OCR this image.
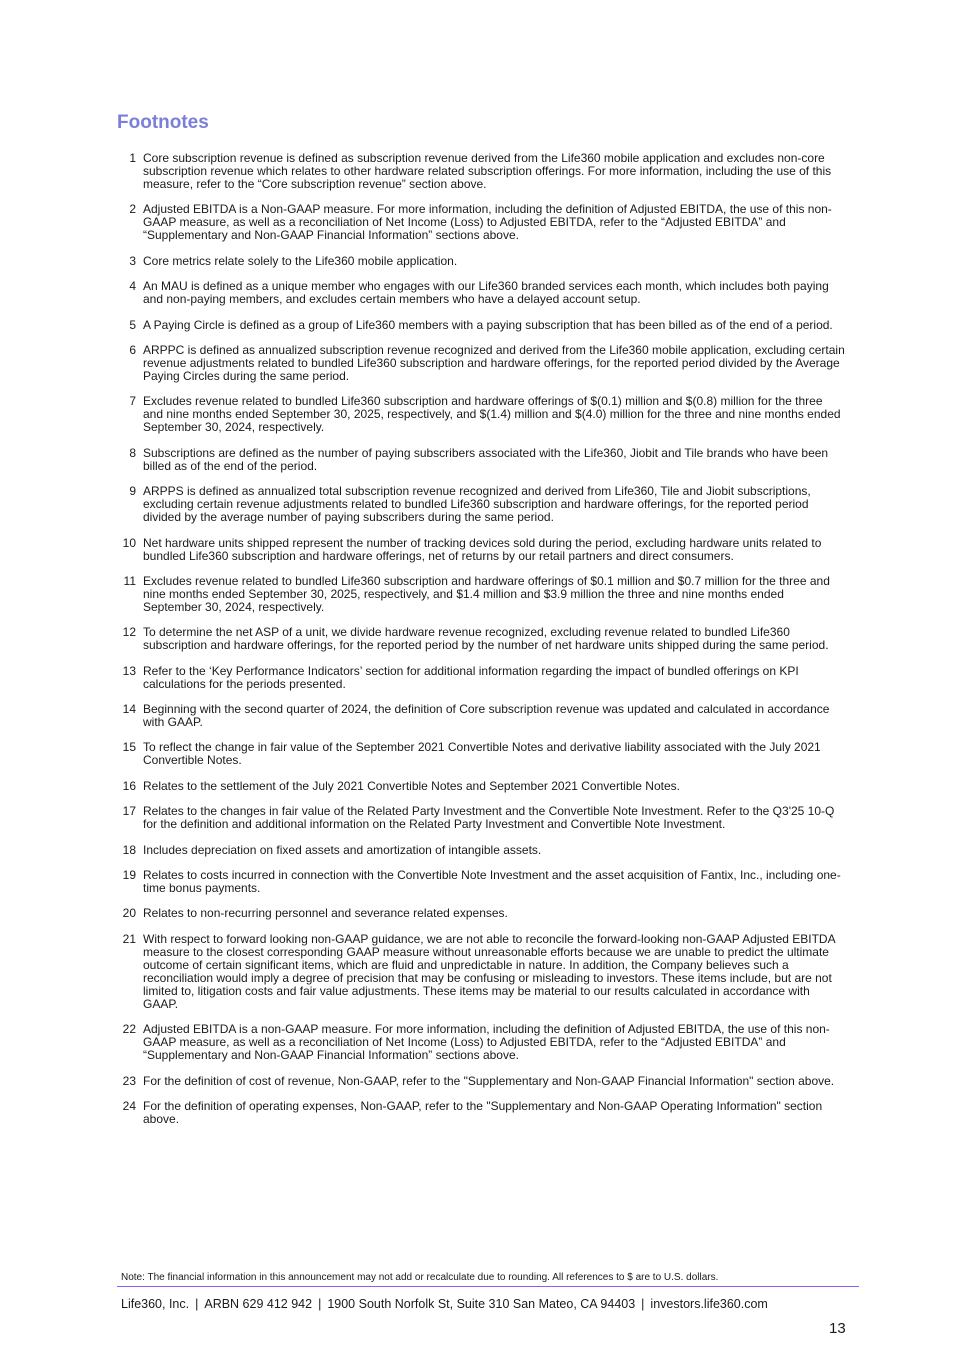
Footnotes
1 Core subscription revenue is defined as subscription revenue derived from the Life360 mobile application and excludes non-core subscription revenue which relates to other hardware related subscription offerings. For more information, including the use of this measure, refer to the “Core subscription revenue” section above.
2 Adjusted EBITDA is a Non-GAAP measure. For more information, including the definition of Adjusted EBITDA, the use of this non-GAAP measure, as well as a reconciliation of Net Income (Loss) to Adjusted EBITDA, refer to the “Adjusted EBITDA” and “Supplementary and Non-GAAP Financial Information” sections above.
3 Core metrics relate solely to the Life360 mobile application.
4 An MAU is defined as a unique member who engages with our Life360 branded services each month, which includes both paying and non-paying members, and excludes certain members who have a delayed account setup.
5 A Paying Circle is defined as a group of Life360 members with a paying subscription that has been billed as of the end of a period.
6 ARPPC is defined as annualized subscription revenue recognized and derived from the Life360 mobile application, excluding certain revenue adjustments related to bundled Life360 subscription and hardware offerings, for the reported period divided by the Average Paying Circles during the same period.
7 Excludes revenue related to bundled Life360 subscription and hardware offerings of $(0.1) million and $(0.8) million for the three and nine months ended September 30, 2025, respectively, and $(1.4) million and $(4.0) million for the three and nine months ended September 30, 2024, respectively.
8 Subscriptions are defined as the number of paying subscribers associated with the Life360, Jiobit and Tile brands who have been billed as of the end of the period.
9 ARPPS is defined as annualized total subscription revenue recognized and derived from Life360, Tile and Jiobit subscriptions, excluding certain revenue adjustments related to bundled Life360 subscription and hardware offerings, for the reported period divided by the average number of paying subscribers during the same period.
10 Net hardware units shipped represent the number of tracking devices sold during the period, excluding hardware units related to bundled Life360 subscription and hardware offerings, net of returns by our retail partners and direct consumers.
11 Excludes revenue related to bundled Life360 subscription and hardware offerings of $0.1 million and $0.7 million for the three and nine months ended September 30, 2025, respectively, and $1.4 million and $3.9 million the three and nine months ended September 30, 2024, respectively.
12 To determine the net ASP of a unit, we divide hardware revenue recognized, excluding revenue related to bundled Life360 subscription and hardware offerings, for the reported period by the number of net hardware units shipped during the same period.
13 Refer to the ‘Key Performance Indicators’ section for additional information regarding the impact of bundled offerings on KPI calculations for the periods presented.
14 Beginning with the second quarter of 2024, the definition of Core subscription revenue was updated and calculated in accordance with GAAP.
15 To reflect the change in fair value of the September 2021 Convertible Notes and derivative liability associated with the July 2021 Convertible Notes.
16 Relates to the settlement of the July 2021 Convertible Notes and September 2021 Convertible Notes.
17 Relates to the changes in fair value of the Related Party Investment and the Convertible Note Investment. Refer to the Q3'25 10-Q for the definition and additional information on the Related Party Investment and Convertible Note Investment.
18 Includes depreciation on fixed assets and amortization of intangible assets.
19 Relates to costs incurred in connection with the Convertible Note Investment and the asset acquisition of Fantix, Inc., including one-time bonus payments.
20 Relates to non-recurring personnel and severance related expenses.
21 With respect to forward looking non-GAAP guidance, we are not able to reconcile the forward-looking non-GAAP Adjusted EBITDA measure to the closest corresponding GAAP measure without unreasonable efforts because we are unable to predict the ultimate outcome of certain significant items, which are fluid and unpredictable in nature. In addition, the Company believes such a reconciliation would imply a degree of precision that may be confusing or misleading to investors. These items include, but are not limited to, litigation costs and fair value adjustments. These items may be material to our results calculated in accordance with GAAP.
22 Adjusted EBITDA is a non-GAAP measure. For more information, including the definition of Adjusted EBITDA, the use of this non-GAAP measure, as well as a reconciliation of Net Income (Loss) to Adjusted EBITDA, refer to the “Adjusted EBITDA” and “Supplementary and Non-GAAP Financial Information” sections above.
23 For the definition of cost of revenue, Non-GAAP, refer to the "Supplementary and Non-GAAP Financial Information" section above.
24 For the definition of operating expenses, Non-GAAP, refer to the "Supplementary and Non-GAAP Operating Information" section above.
Note: The financial information in this announcement may not add or recalculate due to rounding. All references to $ are to U.S. dollars.
Life360, Inc. | ARBN 629 412 942 | 1900 South Norfolk St, Suite 310 San Mateo, CA 94403 | investors.life360.com
13
